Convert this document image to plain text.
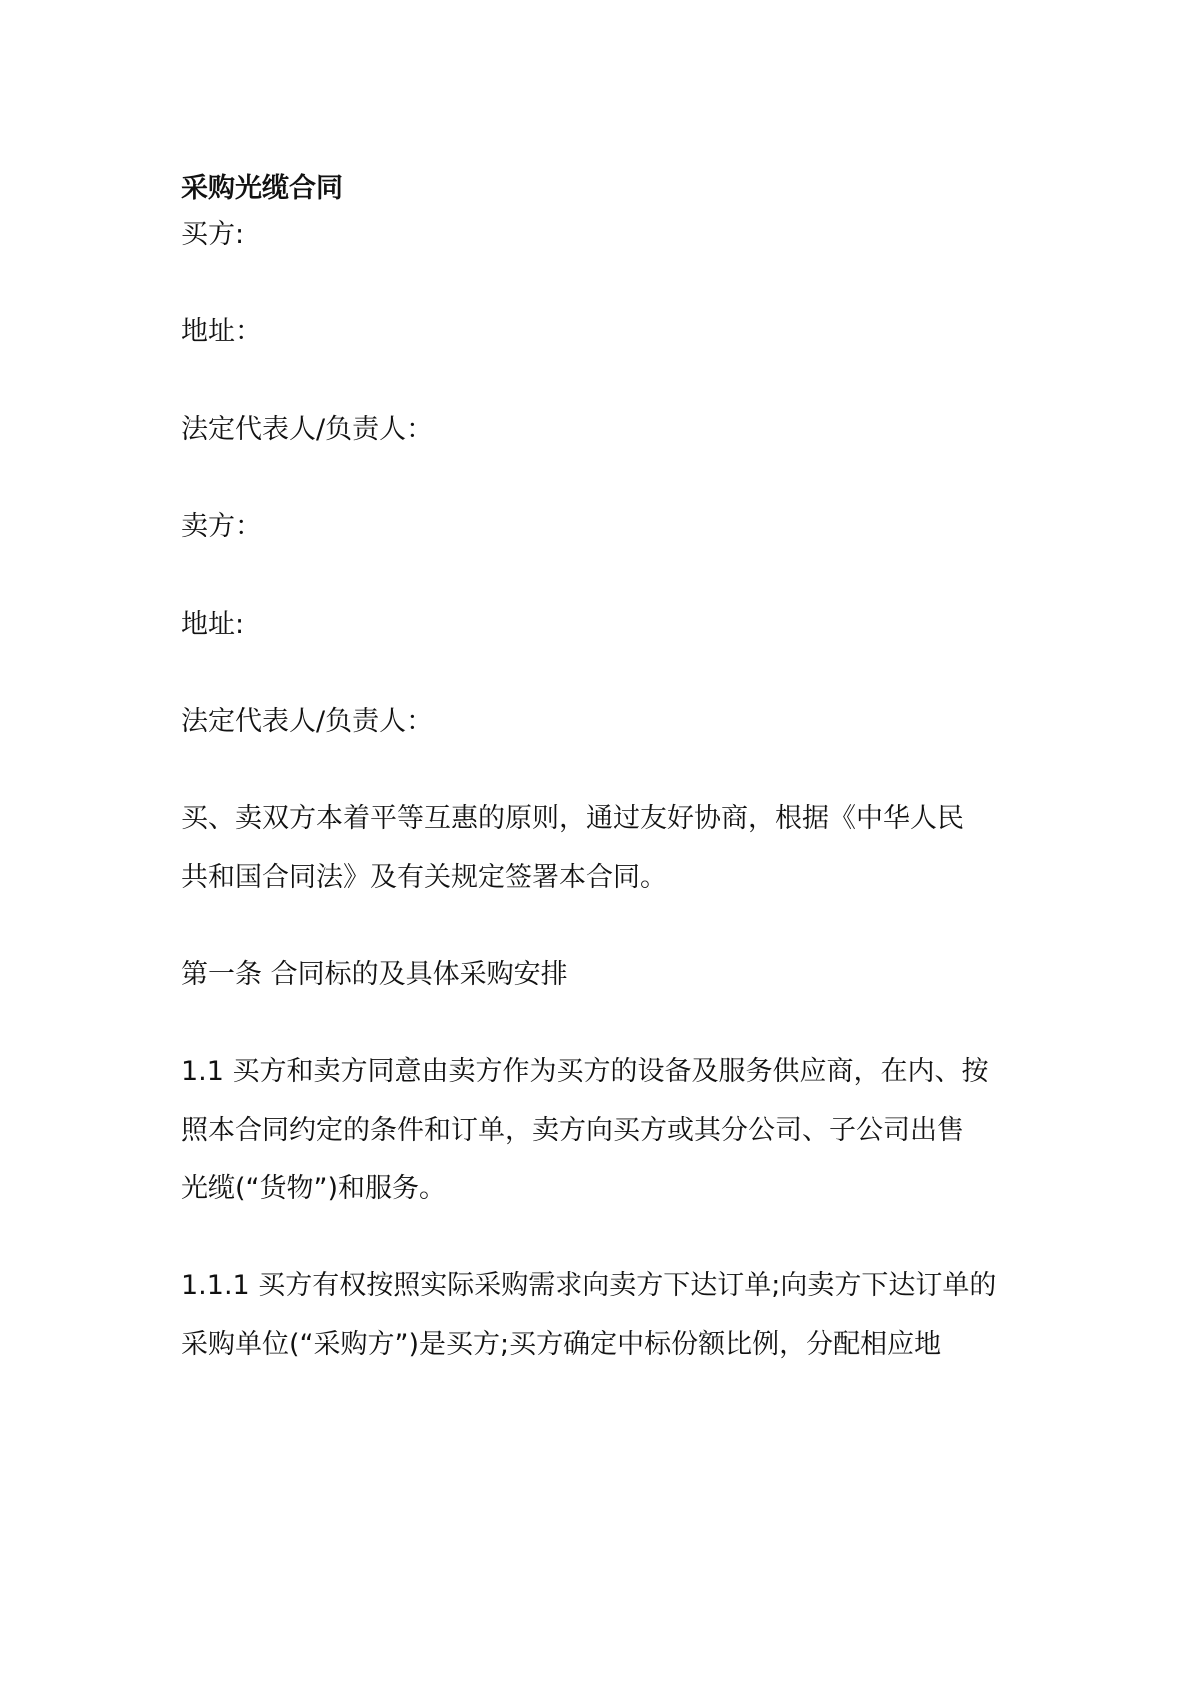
采购光缆合同
买方:
地址：
法定代表人/负责人：
卖方：
地址:
法定代表人/负责人：
买、卖双方本着平等互惠的原则，通过友好协商，根据《中华人民
共和国合同法》及有关规定签署本合同。
第一条 合同标的及具体采购安排
1.1 买方和卖方同意由卖方作为买方的设备及服务供应商，在内、按
照本合同约定的条件和订单，卖方向买方或其分公司、子公司出售
光缆(“货物”)和服务。
1.1.1 买方有权按照实际采购需求向卖方下达订单;向卖方下达订单的
采购单位(“采购方”)是买方;买方确定中标份额比例，分配相应地
